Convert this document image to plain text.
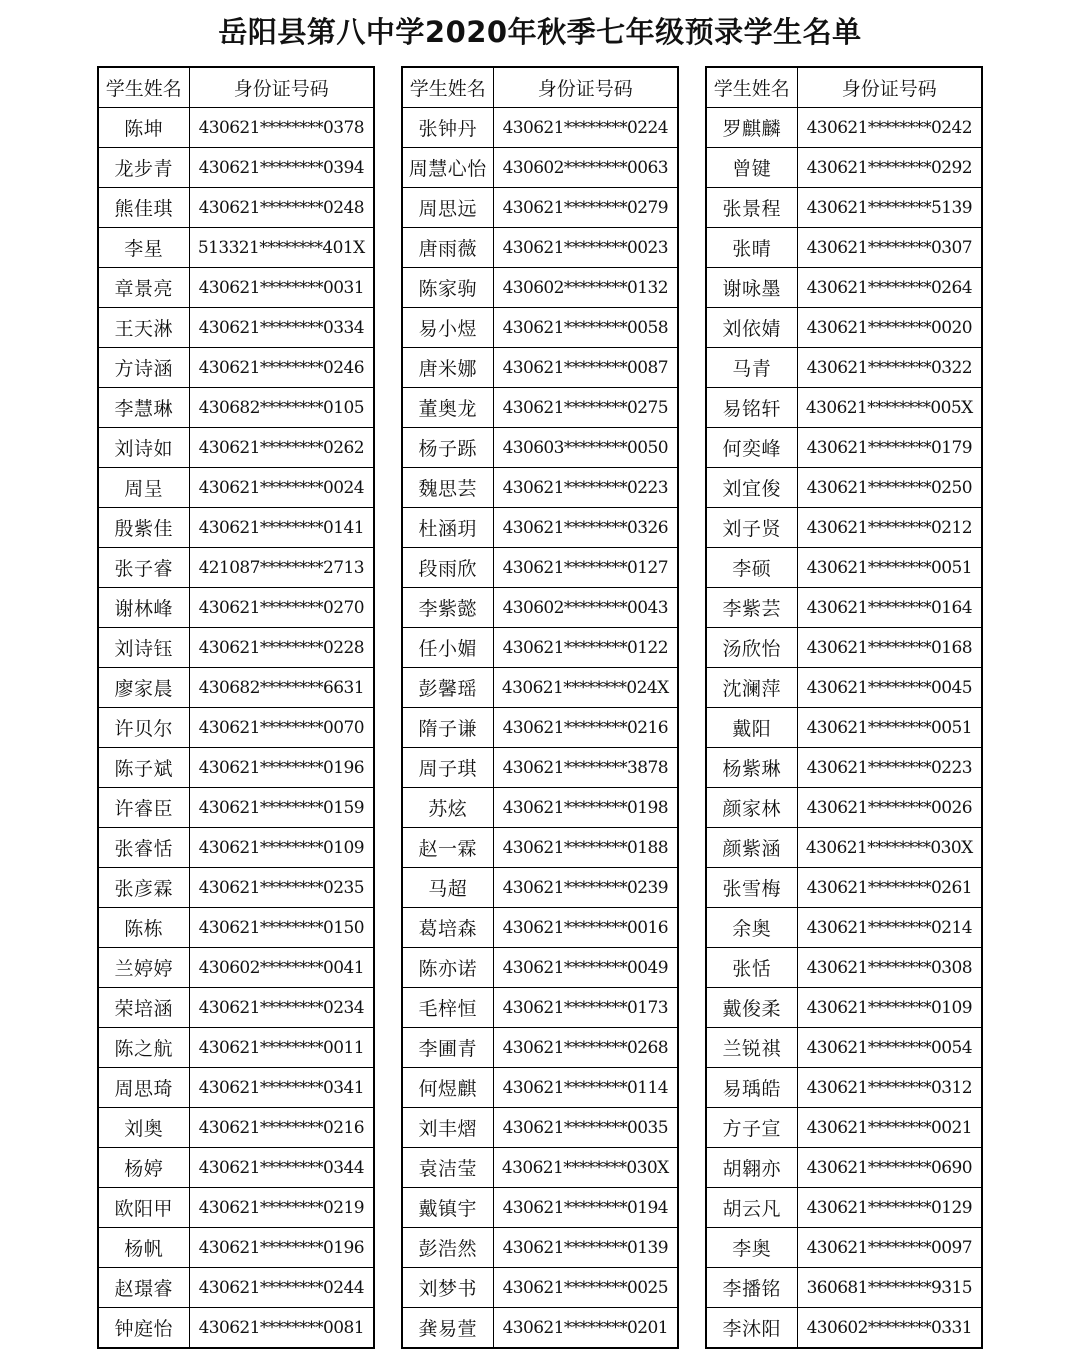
岳阳县第八中学2020年秋季七年级预录学生名单
学生姓名	身份证号码
陈坤	430621********0378
龙步青	430621********0394
熊佳琪	430621********0248
李星	513321********401X
章景亮	430621********0031
王天淋	430621********0334
方诗涵	430621********0246
李慧琳	430682********0105
刘诗如	430621********0262
周呈	430621********0024
殷紫佳	430621********0141
张子睿	421087********2713
谢林峰	430621********0270
刘诗钰	430621********0228
廖家晨	430682********6631
许贝尔	430621********0070
陈子斌	430621********0196
许睿臣	430621********0159
张睿恬	430621********0109
张彦霖	430621********0235
陈栋	430621********0150
兰婷婷	430602********0041
荣培涵	430621********0234
陈之航	430621********0011
周思琦	430621********0341
刘奥	430621********0216
杨婷	430621********0344
欧阳甲	430621********0219
杨帆	430621********0196
赵璟睿	430621********0244
钟庭怡	430621********0081
学生姓名	身份证号码
张钟丹	430621********0224
周慧心怡	430602********0063
周思远	430621********0279
唐雨薇	430621********0023
陈家驹	430602********0132
易小煜	430621********0058
唐米娜	430621********0087
董奥龙	430621********0275
杨子跞	430603********0050
魏思芸	430621********0223
杜涵玥	430621********0326
段雨欣	430621********0127
李紫懿	430602********0043
任小媚	430621********0122
彭馨瑶	430621********024X
隋子谦	430621********0216
周子琪	430621********3878
苏炫	430621********0198
赵一霖	430621********0188
马超	430621********0239
葛培森	430621********0016
陈亦诺	430621********0049
毛梓恒	430621********0173
李圃青	430621********0268
何煜麒	430621********0114
刘丰熠	430621********0035
袁洁莹	430621********030X
戴镇宇	430621********0194
彭浩然	430621********0139
刘梦书	430621********0025
龚易萱	430621********0201
学生姓名	身份证号码
罗麒麟	430621********0242
曾键	430621********0292
张景程	430621********5139
张晴	430621********0307
谢咏墨	430621********0264
刘依婧	430621********0020
马青	430621********0322
易铭轩	430621********005X
何奕峰	430621********0179
刘宜俊	430621********0250
刘子贤	430621********0212
李硕	430621********0051
李紫芸	430621********0164
汤欣怡	430621********0168
沈澜萍	430621********0045
戴阳	430621********0051
杨紫琳	430621********0223
颜家林	430621********0026
颜紫涵	430621********030X
张雪梅	430621********0261
余奥	430621********0214
张恬	430621********0308
戴俊柔	430621********0109
兰锐祺	430621********0054
易瑀皓	430621********0312
方子宣	430621********0021
胡翱亦	430621********0690
胡云凡	430621********0129
李奥	430621********0097
李播铭	360681********9315
李沐阳	430602********0331
